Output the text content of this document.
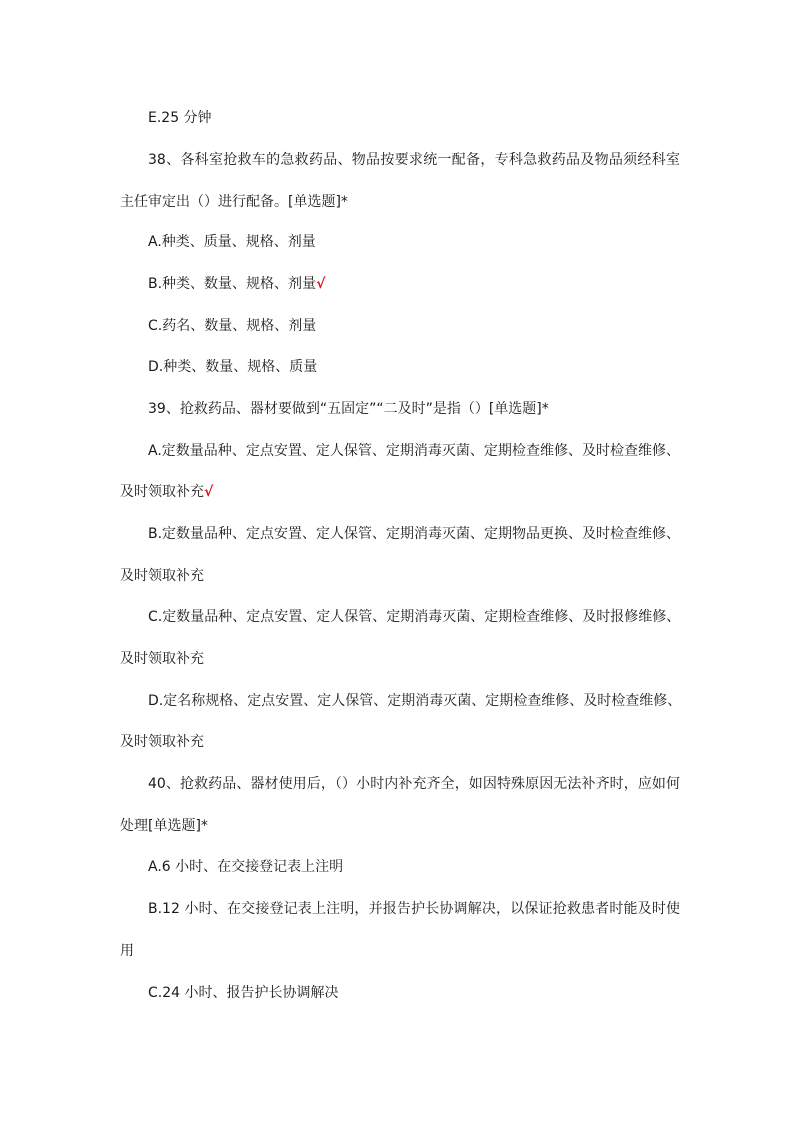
E.25 分钟
38、各科室抢救车的急救药品、物品按要求统一配备，专科急救药品及物品须经科室
主任审定出（）进行配备。[单选题]*
A.种类、质量、规格、剂量
B.种类、数量、规格、剂量√
C.药名、数量、规格、剂量
D.种类、数量、规格、质量
39、抢救药品、器材要做到“五固定”“二及时”是指（）[单选题]*
A.定数量品种、定点安置、定人保管、定期消毒灭菌、定期检查维修、及时检查维修、
及时领取补充√
B.定数量品种、定点安置、定人保管、定期消毒灭菌、定期物品更换、及时检查维修、
及时领取补充
C.定数量品种、定点安置、定人保管、定期消毒灭菌、定期检查维修、及时报修维修、
及时领取补充
D.定名称规格、定点安置、定人保管、定期消毒灭菌、定期检查维修、及时检查维修、
及时领取补充
40、抢救药品、器材使用后，（）小时内补充齐全，如因特殊原因无法补齐时，应如何
处理[单选题]*
A.6 小时、在交接登记表上注明
B.12 小时、在交接登记表上注明，并报告护长协调解决，以保证抢救患者时能及时使
用
C.24 小时、报告护长协调解决
